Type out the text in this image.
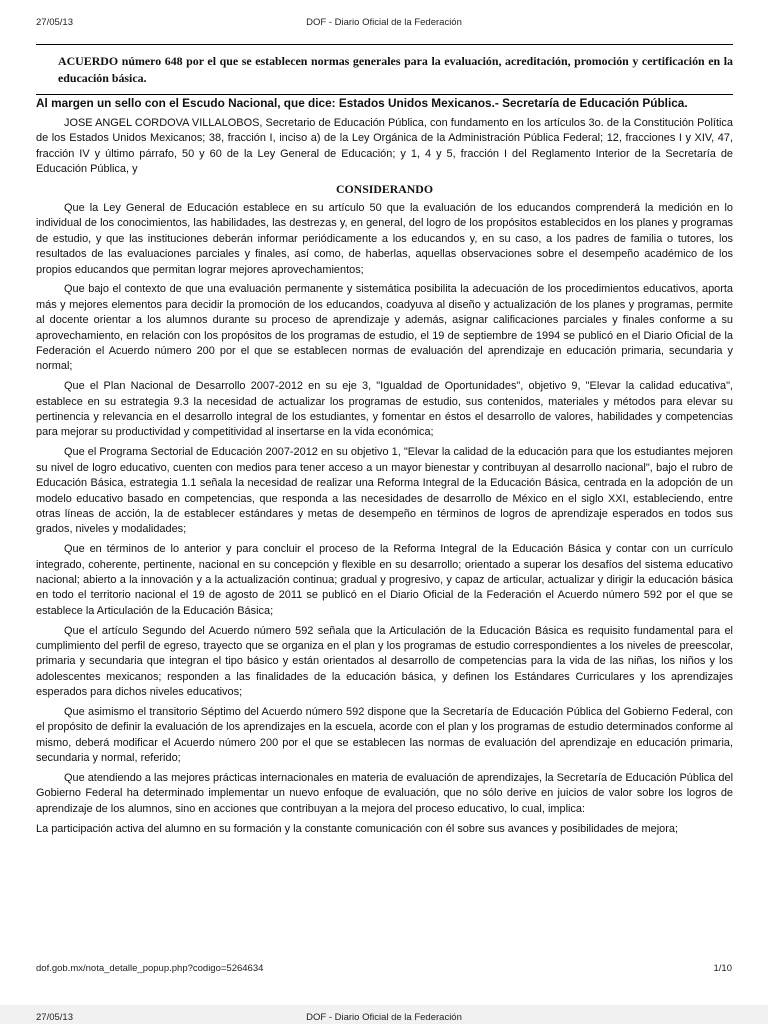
27/05/13	DOF - Diario Oficial de la Federación
ACUERDO número 648 por el que se establecen normas generales para la evaluación, acreditación, promoción y certificación en la educación básica.
Al margen un sello con el Escudo Nacional, que dice: Estados Unidos Mexicanos.- Secretaría de Educación Pública.

JOSE ANGEL CORDOVA VILLALOBOS, Secretario de Educación Pública, con fundamento en los artículos 3o. de la Constitución Política de los Estados Unidos Mexicanos; 38, fracción I, inciso a) de la Ley Orgánica de la Administración Pública Federal; 12, fracciones I y XIV, 47, fracción IV y último párrafo, 50 y 60 de la Ley General de Educación; y 1, 4 y 5, fracción I del Reglamento Interior de la Secretaría de Educación Pública, y

CONSIDERANDO

Que la Ley General de Educación establece en su artículo 50 que la evaluación de los educandos comprenderá la medición en lo individual de los conocimientos, las habilidades, las destrezas y, en general, del logro de los propósitos establecidos en los planes y programas de estudio, y que las instituciones deberán informar periódicamente a los educandos y, en su caso, a los padres de familia o tutores, los resultados de las evaluaciones parciales y finales, así como, de haberlas, aquellas observaciones sobre el desempeño académico de los propios educandos que permitan lograr mejores aprovechamientos;

Que bajo el contexto de que una evaluación permanente y sistemática posibilita la adecuación de los procedimientos educativos, aporta más y mejores elementos para decidir la promoción de los educandos, coadyuva al diseño y actualización de los planes y programas, permite al docente orientar a los alumnos durante su proceso de aprendizaje y además, asignar calificaciones parciales y finales conforme a su aprovechamiento, en relación con los propósitos de los programas de estudio, el 19 de septiembre de 1994 se publicó en el Diario Oficial de la Federación el Acuerdo número 200 por el que se establecen normas de evaluación del aprendizaje en educación primaria, secundaria y normal;

Que el Plan Nacional de Desarrollo 2007-2012 en su eje 3, "Igualdad de Oportunidades", objetivo 9, "Elevar la calidad educativa", establece en su estrategia 9.3 la necesidad de actualizar los programas de estudio, sus contenidos, materiales y métodos para elevar su pertinencia y relevancia en el desarrollo integral de los estudiantes, y fomentar en éstos el desarrollo de valores, habilidades y competencias para mejorar su productividad y competitividad al insertarse en la vida económica;

Que el Programa Sectorial de Educación 2007-2012 en su objetivo 1, "Elevar la calidad de la educación para que los estudiantes mejoren su nivel de logro educativo, cuenten con medios para tener acceso a un mayor bienestar y contribuyan al desarrollo nacional", bajo el rubro de Educación Básica, estrategia 1.1 señala la necesidad de realizar una Reforma Integral de la Educación Básica, centrada en la adopción de un modelo educativo basado en competencias, que responda a las necesidades de desarrollo de México en el siglo XXI, estableciendo, entre otras líneas de acción, la de establecer estándares y metas de desempeño en términos de logros de aprendizaje esperados en todos sus grados, niveles y modalidades;

Que en términos de lo anterior y para concluir el proceso de la Reforma Integral de la Educación Básica y contar con un currículo integrado, coherente, pertinente, nacional en su concepción y flexible en su desarrollo; orientado a superar los desafíos del sistema educativo nacional; abierto a la innovación y a la actualización continua; gradual y progresivo, y capaz de articular, actualizar y dirigir la educación básica en todo el territorio nacional el 19 de agosto de 2011 se publicó en el Diario Oficial de la Federación el Acuerdo número 592 por el que se establece la Articulación de la Educación Básica;

Que el artículo Segundo del Acuerdo número 592 señala que la Articulación de la Educación Básica es requisito fundamental para el cumplimiento del perfil de egreso, trayecto que se organiza en el plan y los programas de estudio correspondientes a los niveles de preescolar, primaria y secundaria que integran el tipo básico y están orientados al desarrollo de competencias para la vida de las niñas, los niños y los adolescentes mexicanos; responden a las finalidades de la educación básica, y definen los Estándares Curriculares y los aprendizajes esperados para dichos niveles educativos;

Que asimismo el transitorio Séptimo del Acuerdo número 592 dispone que la Secretaría de Educación Pública del Gobierno Federal, con el propósito de definir la evaluación de los aprendizajes en la escuela, acorde con el plan y los programas de estudio determinados conforme al mismo, deberá modificar el Acuerdo número 200 por el que se establecen las normas de evaluación del aprendizaje en educación primaria, secundaria y normal, referido;

Que atendiendo a las mejores prácticas internacionales en materia de evaluación de aprendizajes, la Secretaría de Educación Pública del Gobierno Federal ha determinado implementar un nuevo enfoque de evaluación, que no sólo derive en juicios de valor sobre los logros de aprendizaje de los alumnos, sino en acciones que contribuyan a la mejora del proceso educativo, lo cual, implica:

La participación activa del alumno en su formación y la constante comunicación con él sobre sus avances y posibilidades de mejora;

dof.gob.mx/nota_detalle_popup.php?codigo=5264634	1/10
27/05/13	DOF - Diario Oficial de la Federación
